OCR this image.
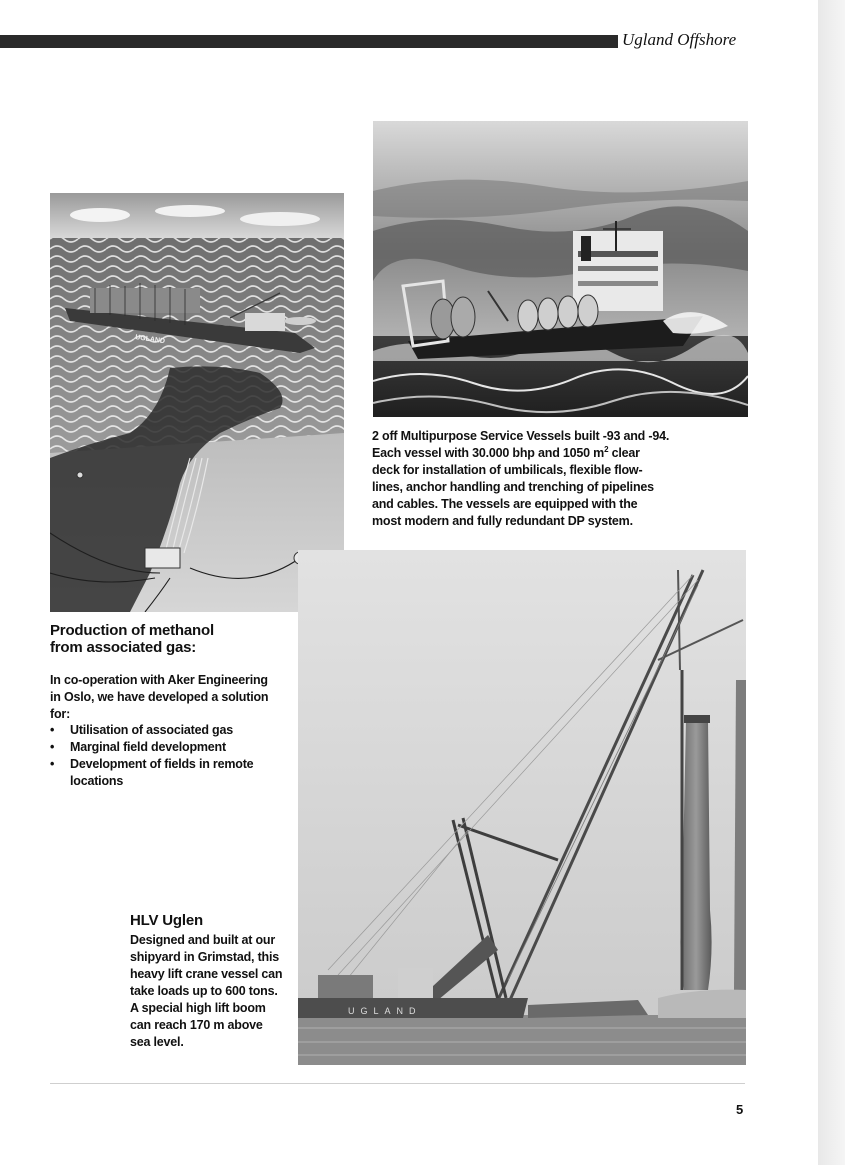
Ugland Offshore
UGLAND
UGLAND
2 off Multipurpose Service Vessels built -93 and -94.
Each vessel with 30.000 bhp and 1050 $m^2$ clear
deck for installation of umbilicals, flexible flow-
lines, anchor handling and trenching of pipelines
and cables. The vessels are equipped with the
most modern and fully redundant DP system.
Production of methanol
from associated gas:
In co-operation with Aker Engineering
in Oslo, we have developed a solution
for:
• Utilisation of associated gas
• Marginal field development
• Development of fields in remote
locations
HLV Uglen
Designed and built at our
shipyard in Grimstad, this
heavy lift crane vessel can
take loads up to 600 tons.
A special high lift boom
can reach 170 m above
sea level.
5
